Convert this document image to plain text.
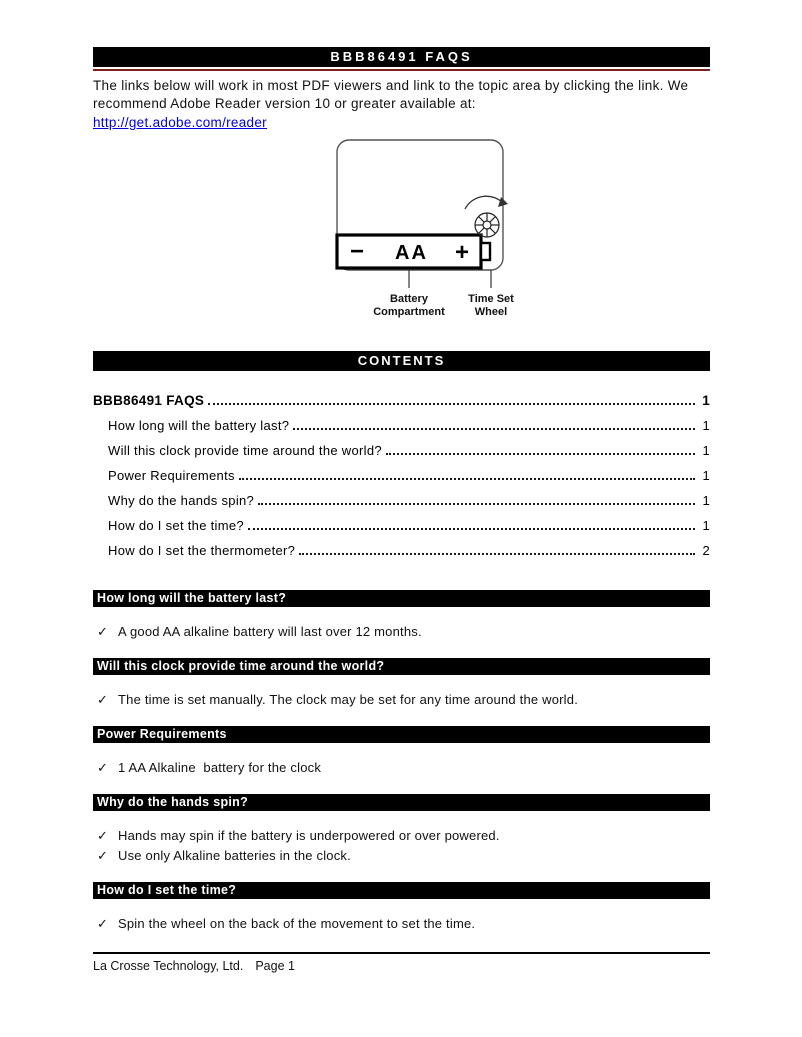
BBB86491 FAQS

The links below will work in most PDF viewers and link to the topic area by clicking the link. We recommend Adobe Reader version 10 or greater available at:

http://get.adobe.com/reader
− AA +
Battery
Compartment
Time Set
Wheel
CONTENTS
BBB86491 FAQS	1
How long will the battery last?	1
Will this clock provide time around the world?	1
Power Requirements	1
Why do the hands spin?	1
How do I set the time?	1
How do I set the thermometer?	2
How long will the battery last?
✓ A good AA alkaline battery will last over 12 months.
Will this clock provide time around the world?
✓ The time is set manually. The clock may be set for any time around the world.
Power Requirements
✓ 1 AA Alkaline  battery for the clock
Why do the hands spin?
✓ Hands may spin if the battery is underpowered or over powered.
✓ Use only Alkaline batteries in the clock.
How do I set the time?
✓ Spin the wheel on the back of the movement to set the time.
La Crosse Technology, Ltd. Page 1
